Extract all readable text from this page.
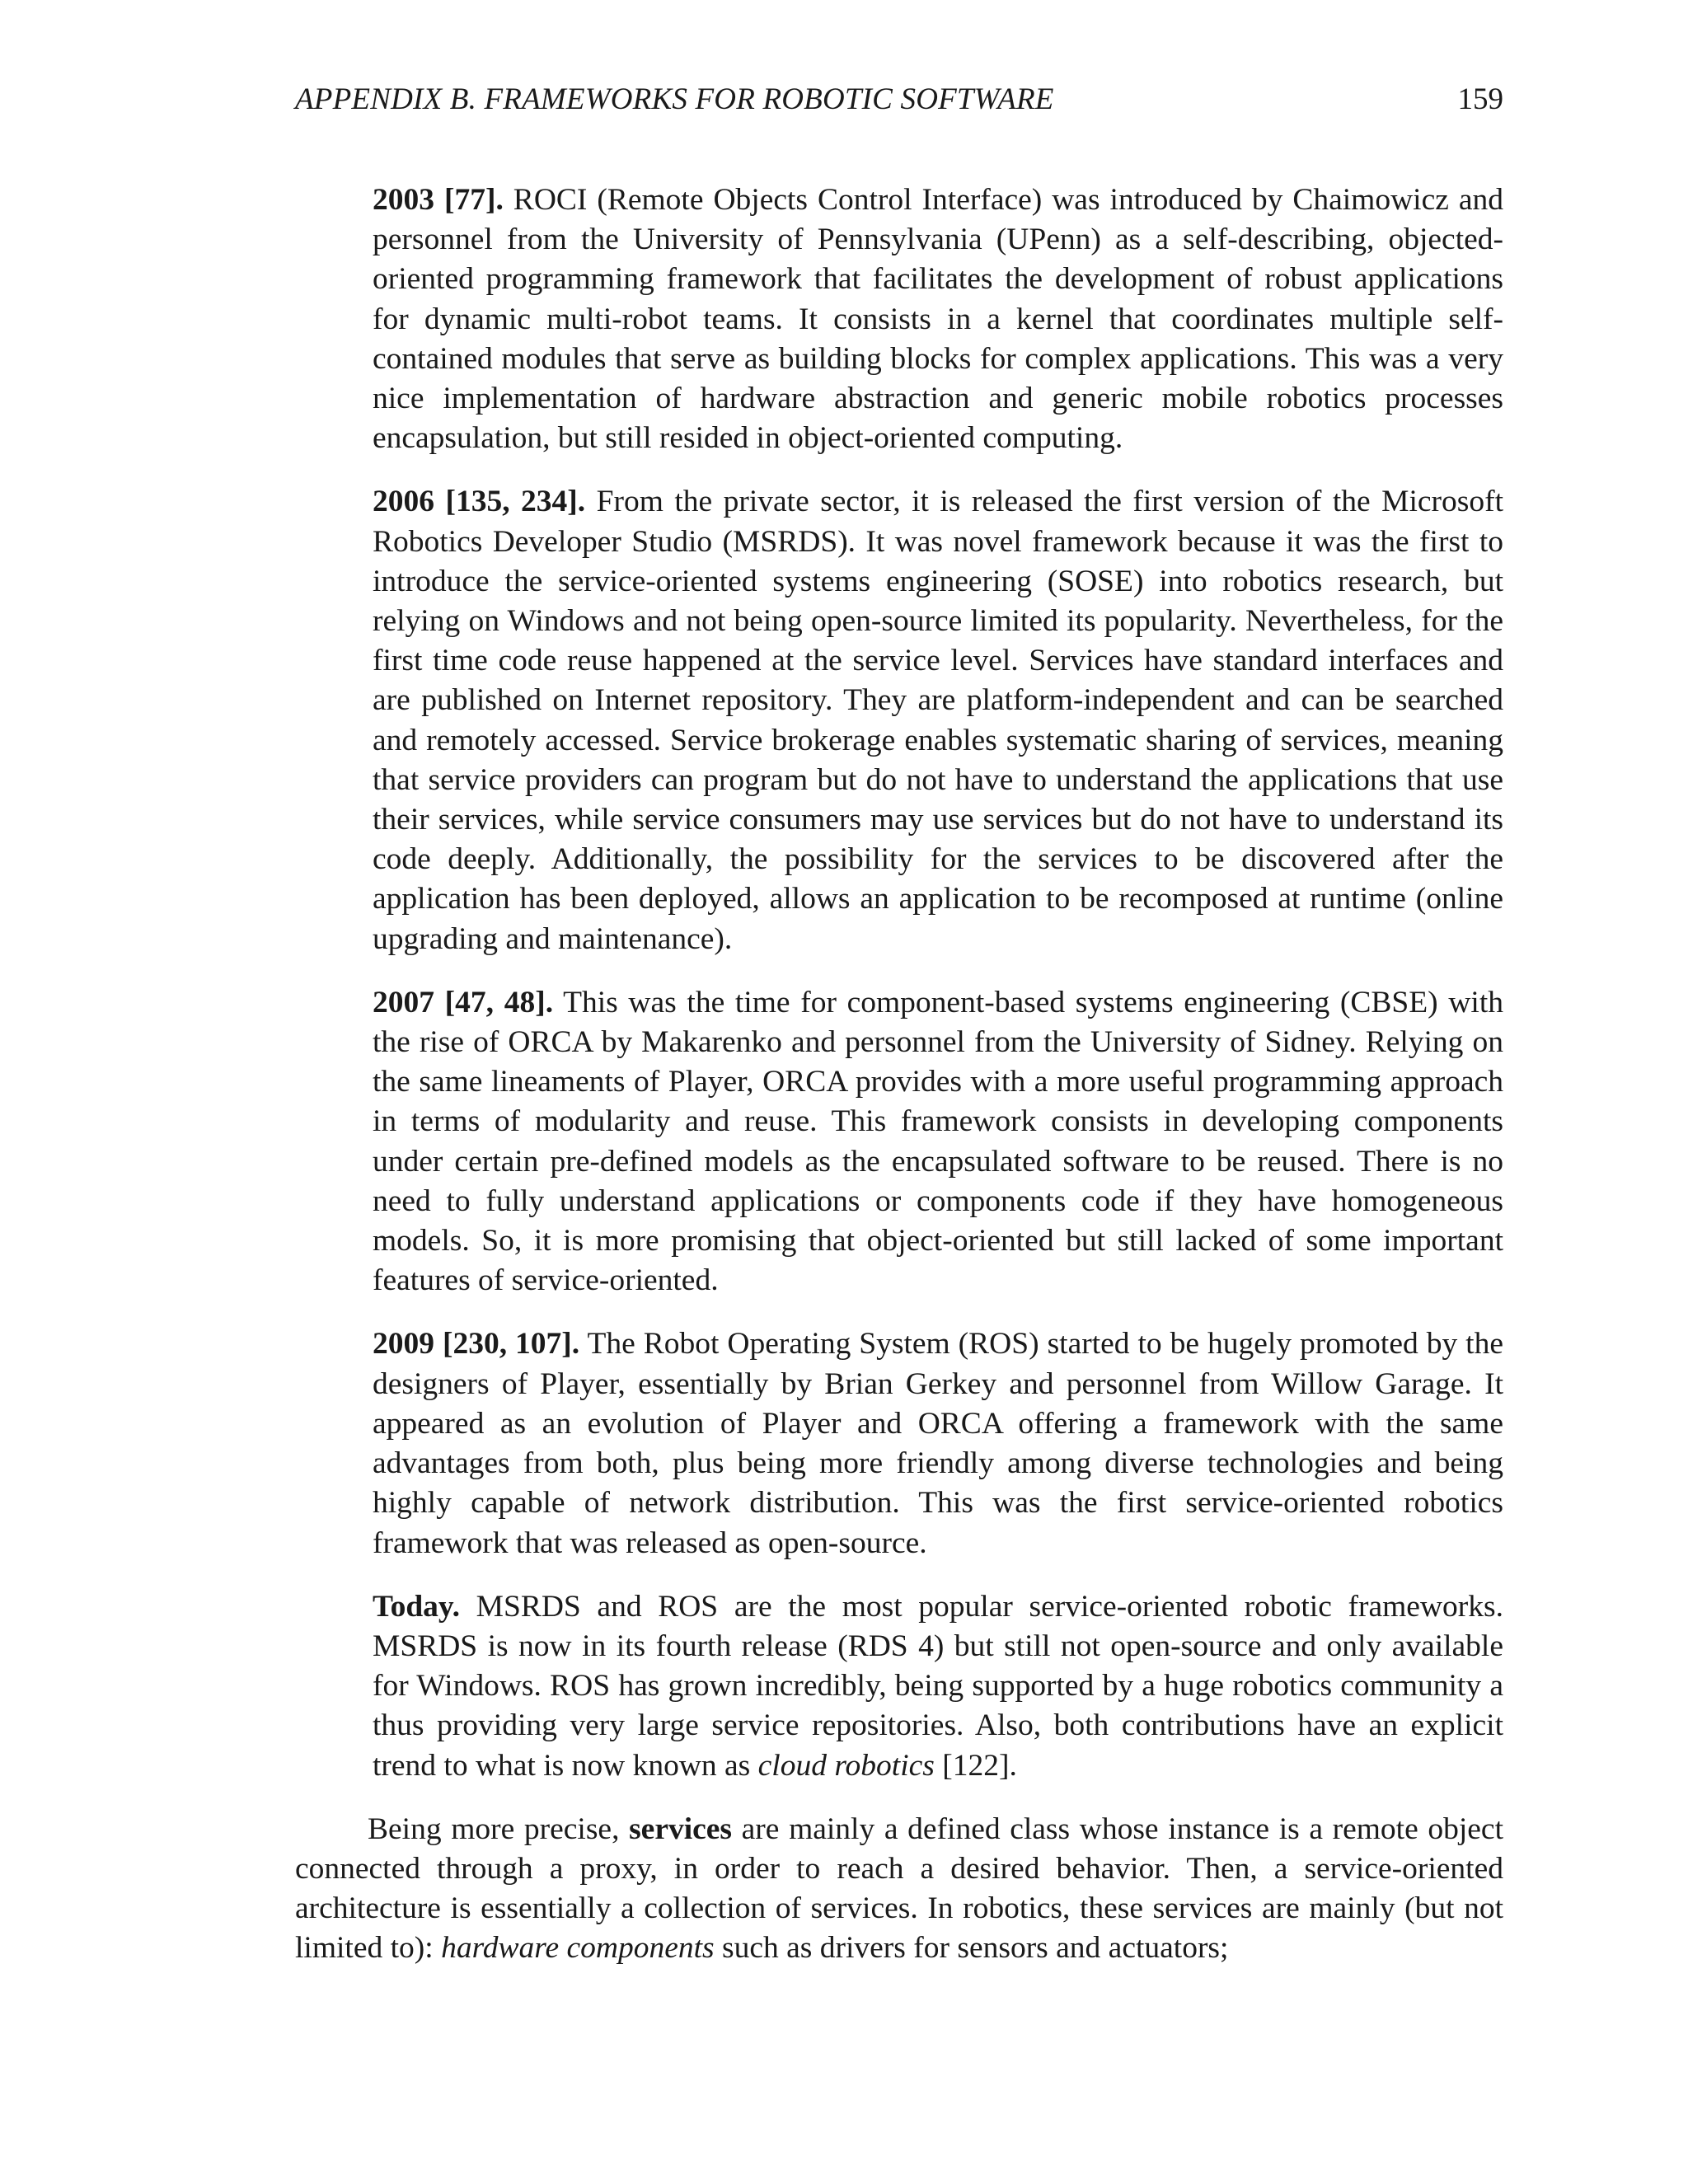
APPENDIX B. FRAMEWORKS FOR ROBOTIC SOFTWARE	159

2003 [77]. ROCI (Remote Objects Control Interface) was introduced by Chaimowicz and personnel from the University of Pennsylvania (UPenn) as a self-describing, objected-oriented programming framework that facilitates the development of robust applications for dynamic multi-robot teams. It consists in a kernel that coordinates multiple self-contained modules that serve as building blocks for complex applications. This was a very nice implementation of hardware abstraction and generic mobile robotics processes encapsulation, but still resided in object-oriented computing.

2006 [135, 234]. From the private sector, it is released the first version of the Microsoft Robotics Developer Studio (MSRDS). It was novel framework because it was the first to introduce the service-oriented systems engineering (SOSE) into robotics research, but relying on Windows and not being open-source limited its popularity. Nevertheless, for the first time code reuse happened at the service level. Services have standard interfaces and are published on Internet repository. They are platform-independent and can be searched and remotely accessed. Service brokerage enables systematic sharing of services, meaning that service providers can program but do not have to understand the applications that use their services, while service consumers may use services but do not have to understand its code deeply. Additionally, the possibility for the services to be discovered after the application has been deployed, allows an application to be recomposed at runtime (online upgrading and maintenance).

2007 [47, 48]. This was the time for component-based systems engineering (CBSE) with the rise of ORCA by Makarenko and personnel from the University of Sidney. Relying on the same lineaments of Player, ORCA provides with a more useful programming approach in terms of modularity and reuse. This framework consists in developing components under certain pre-defined models as the encapsulated software to be reused. There is no need to fully understand applications or components code if they have homogeneous models. So, it is more promising that object-oriented but still lacked of some important features of service-oriented.

2009 [230, 107]. The Robot Operating System (ROS) started to be hugely promoted by the designers of Player, essentially by Brian Gerkey and personnel from Willow Garage. It appeared as an evolution of Player and ORCA offering a framework with the same advantages from both, plus being more friendly among diverse technologies and being highly capable of network distribution. This was the first service-oriented robotics framework that was released as open-source.

Today. MSRDS and ROS are the most popular service-oriented robotic frameworks. MSRDS is now in its fourth release (RDS 4) but still not open-source and only available for Windows. ROS has grown incredibly, being supported by a huge robotics community a thus providing very large service repositories. Also, both contributions have an explicit trend to what is now known as cloud robotics [122].

Being more precise, services are mainly a defined class whose instance is a remote object connected through a proxy, in order to reach a desired behavior. Then, a service-oriented architecture is essentially a collection of services. In robotics, these services are mainly (but not limited to): hardware components such as drivers for sensors and actuators;
